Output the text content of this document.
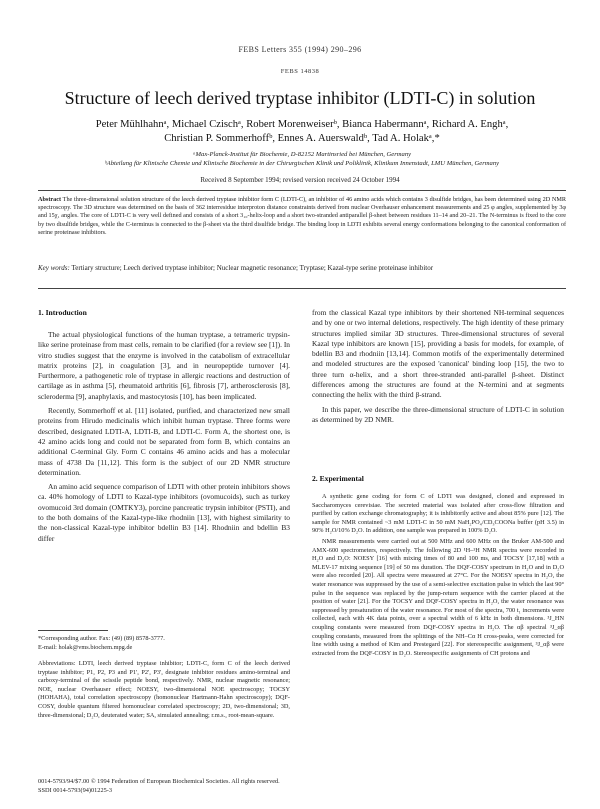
FEBS Letters 355 (1994) 290–296
FEBS 14838
Structure of leech derived tryptase inhibitor (LDTI-C) in solution
Peter Mühlhahnᵃ, Michael Czischᵃ, Robert Morenweiserᵇ, Bianca Habermannᵃ, Richard A. Enghᵃ,
Christian P. Sommerhoffᵇ, Ennes A. Auerswaldᵇ, Tad A. Holakᵃ,*
ᵃMax-Planck-Institut für Biochemie, D-82152 Martinsried bei München, Germany
ᵇAbteilung für Klinische Chemie und Klinische Biochemie in der Chirurgischen Klinik und Poliklinik, Klinikum Innenstadt, LMU München, Germany
Received 8 September 1994; revised version received 24 October 1994
Abstract The three-dimensional solution structure of the leech derived tryptase inhibitor form C (LDTI-C), an inhibitor of 46 amino acids which contains 3 disulfide bridges, has been determined using 2D NMR spectroscopy. The 3D structure was determined on the basis of 362 interresidue interproton distance constraints derived from nuclear Overhauser enhancement measurements and 25 φ angles, supplemented by 3φ and 15χ₁ angles. The core of LDTI-C is very well defined and consists of a short 3₁₀-helix-loop and a short two-stranded antiparallel β-sheet between residues 11–14 and 20–21. The N-terminus is fixed to the core by two disulfide bridges, while the C-terminus is connected to the β-sheet via the third disulfide bridge. The binding loop in LDTI exhibits several energy conformations belonging to the canonical conformation of serine proteinase inhibitors.
Key words: Tertiary structure; Leech derived tryptase inhibitor; Nuclear magnetic resonance; Tryptase; Kazal-type serine proteinase inhibitor
1. Introduction

The actual physiological functions of the human tryptase, a tetrameric trypsin-like serine proteinase from mast cells, remain to be clarified (for a review see [1]). In vitro studies suggest that the enzyme is involved in the catabolism of extracellular matrix proteins [2], in coagulation [3], and in neuropeptide turnover [4]. Furthermore, a pathogenetic role of tryptase in allergic reactions and destruction of cartilage as in asthma [5], rheumatoid arthritis [6], fibrosis [7], artherosclerosis [8], scleroderma [9], anaphylaxis, and mastocytosis [10], has been implicated.

Recently, Sommerhoff et al. [11] isolated, purified, and characterized new small proteins from Hirudo medicinalis which inhibit human tryptase. Three forms were described, designated LDTI-A, LDTI-B, and LDTI-C. Form A, the shortest one, is 42 amino acids long and could not be separated from form B, which contains an additional C-terminal Gly. Form C contains 46 amino acids and has a molecular mass of 4738 Da [11,12]. This form is the subject of our 2D NMR structure determination.

An amino acid sequence comparison of LDTI with other protein inhibitors shows ca. 40% homology of LDTI to Kazal-type inhibitors (ovomucoids), such as turkey ovomucoid 3rd domain (OMTKY3), porcine pancreatic trypsin inhibitor (PSTI), and to the both domains of the Kazal-type-like rhodniin [13], with highest similarity to the non-classical Kazal-type inhibitor bdellin B3 [14]. Rhodniin and bdellin B3 differ

*Corresponding author. Fax: (49) (89) 8578-3777.
E-mail: holak@vms.biochem.mpg.de
Abbreviations: LDTI, leech derived tryptase inhibitor; LDTI-C, form C of the leech derived tryptase inhibitor; P1, P2, P3 and P1', P2', P3', designate inhibitor residues amino-terminal and carboxy-terminal of the scissile peptide bond, respectively. NMR, nuclear magnetic resonance; NOE, nuclear Overhauser effect; NOESY, two-dimensional NOE spectroscopy; TOCSY (HOHAHA), total correlation spectroscopy (homonuclear Hartmann-Hahn spectroscopy); DQF-COSY, double quantum filtered homonuclear correlated spectroscopy; 2D, two-dimensional; 3D, three-dimensional; D₂O, deuterated water; SA, simulated annealing; r.m.s., root-mean-square.

from the classical Kazal type inhibitors by their shortened NH-terminal sequences and by one or two internal deletions, respectively. The high identity of these primary structures implied similar 3D structures. Three-dimensional structures of several Kazal type inhibitors are known [15], providing a basis for models, for example, of bdellin B3 and rhodniin [13,14]. Common motifs of the experimentally determined and modeled structures are the exposed 'canonical' binding loop [15], the two to three turn α-helix, and a short three-stranded anti-parallel β-sheet. Distinct differences among the structures are found at the N-termini and at segments connecting the helix with the third β-strand.

In this paper, we describe the three-dimensional structure of LDTI-C in solution as determined by 2D NMR.

2. Experimental

A synthetic gene coding for form C of LDTI was designed, cloned and expressed in Saccharomyces cerevisiae. The secreted material was isolated after cross-flow filtration and purified by cation exchange chromatography; it is inhibitorily active and about 85% pure [12]. The sample for NMR contained ~3 mM LDTI-C in 50 mM NaH₂PO₄/CD₃COONa buffer (pH 3.5) in 90% H₂O/10% D₂O. In addition, one sample was prepared in 100% D₂O.

NMR measurements were carried out at 500 MHz and 600 MHz on the Bruker AM-500 and AMX-600 spectrometers, respectively. The following 2D ¹H–¹H NMR spectra were recorded in H₂O and D₂O: NOESY [16] with mixing times of 80 and 100 ms, and TOCSY [17,18] with a MLEV-17 mixing sequence [19] of 50 ms duration. The DQF-COSY spectrum in H₂O and in D₂O were also recorded [20]. All spectra were measured at 27°C. For the NOESY spectra in H₂O, the water resonance was suppressed by the use of a semi-selective excitation pulse in which the last 90° pulse in the sequence was replaced by the jump-return sequence with the carrier placed at the position of water [21]. For the TOCSY and DQF-COSY spectra in H₂O, the water resonance was suppressed by presaturation of the water resonance. For most of the spectra, 700 t₁ increments were collected, each with 4K data points, over a spectral width of 6 kHz in both dimensions. ³J_HN coupling constants were measured from DQF-COSY spectra in H₂O. The αβ spectral ³J_αβ coupling constants, measured from the splittings of the NH–Cα H cross-peaks, were corrected for line width using a method of Kim and Prestegard [22]. For stereospecific assignment, ³J_αβ were extracted from the DQF-COSY in D₂O. Stereospecific assignments of CH protons and

0014-5793/94/$7.00 © 1994 Federation of European Biochemical Societies. All rights reserved.
SSDI 0014-5793(94)01225-3
